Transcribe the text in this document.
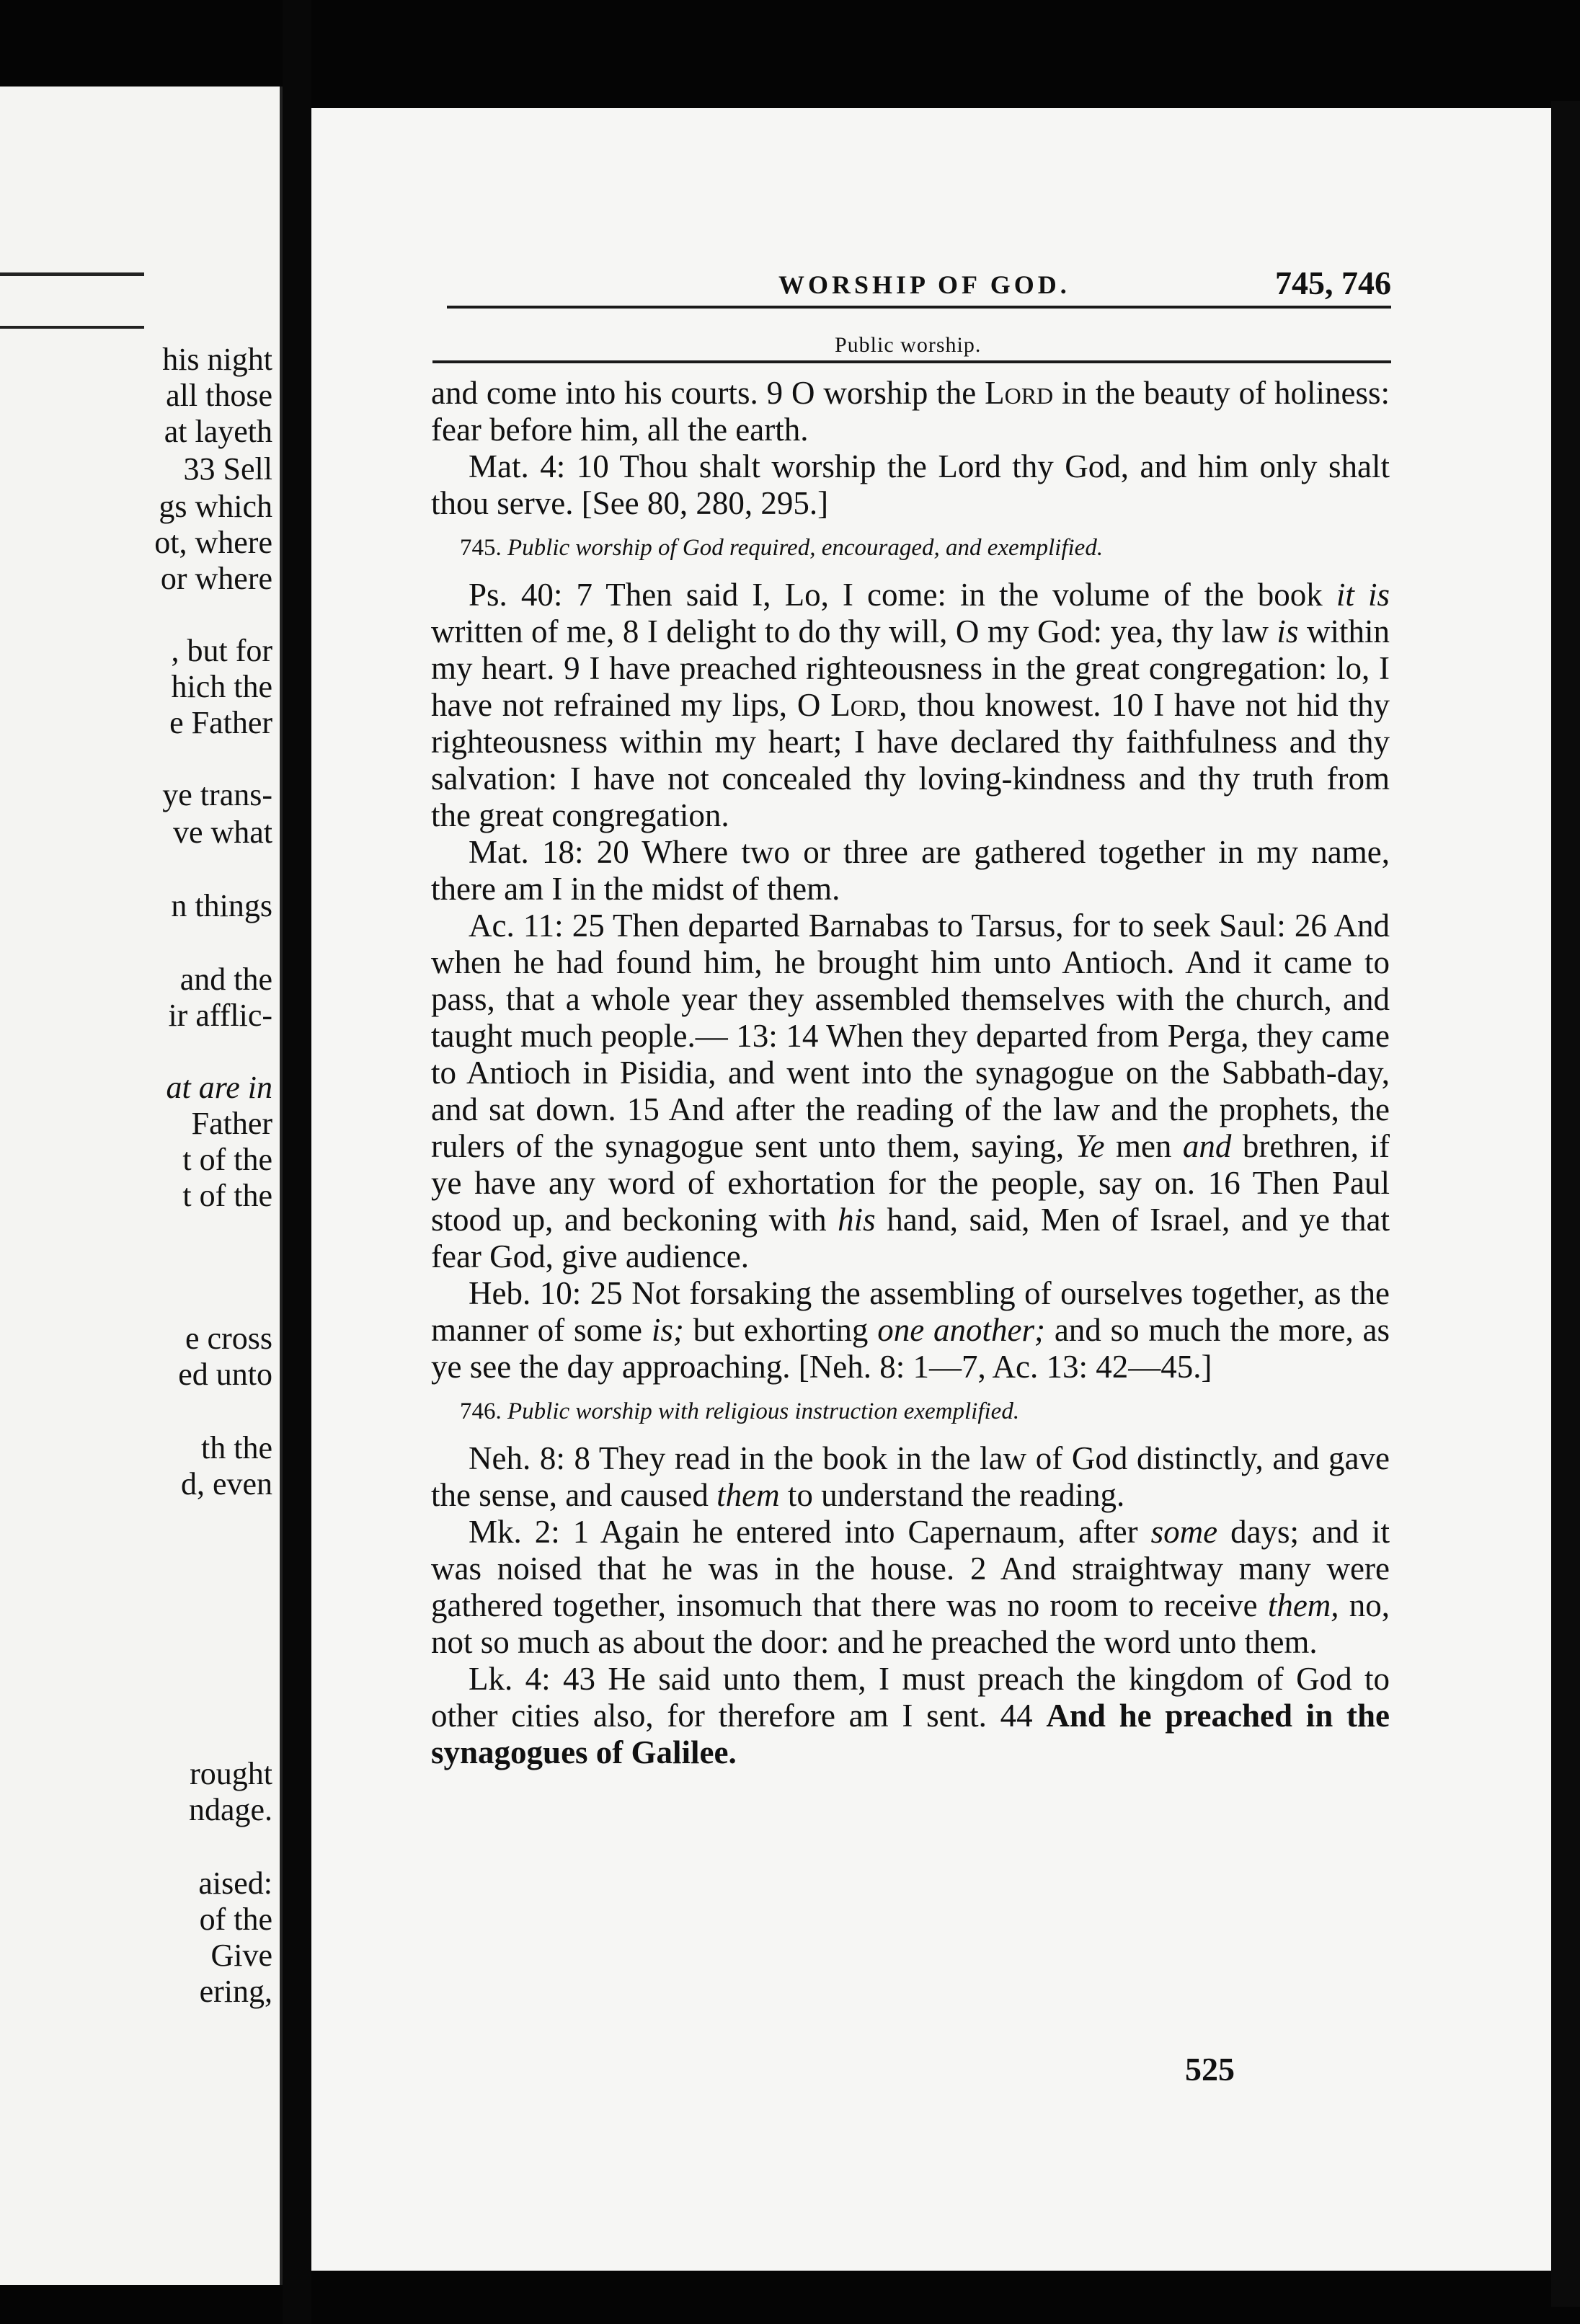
his night
all those
at layeth
33 Sell
gs which
ot, where
or where
, but for
hich the
e Father
ye trans-
ve what
n things
and the
ir afflic-
at are in
Father
t of the
t of the
e cross
ed unto
th the
d, even
rought
ndage.
aised:
of the
Give
ering,
WORSHIP OF GOD.	745, 746
Public worship.

and come into his courts. 9 O worship the Lord in the beauty of holiness: fear before him, all the earth.

Mat. 4: 10 Thou shalt worship the Lord thy God, and him only shalt thou serve. [See 80, 280, 295.]

745. Public worship of God required, encouraged, and exemplified.

Ps. 40: 7 Then said I, Lo, I come: in the volume of the book it is written of me, 8 I delight to do thy will, O my God: yea, thy law is within my heart. 9 I have preached righteousness in the great congregation: lo, I have not refrained my lips, O Lord, thou knowest. 10 I have not hid thy righteousness within my heart; I have declared thy faithfulness and thy salvation: I have not concealed thy loving-kindness and thy truth from the great congregation.

Mat. 18: 20 Where two or three are gathered together in my name, there am I in the midst of them.

Ac. 11: 25 Then departed Barnabas to Tarsus, for to seek Saul: 26 And when he had found him, he brought him unto Antioch. And it came to pass, that a whole year they assembled themselves with the church, and taught much people.— 13: 14 When they departed from Perga, they came to Antioch in Pisidia, and went into the synagogue on the Sabbath-day, and sat down. 15 And after the reading of the law and the prophets, the rulers of the synagogue sent unto them, saying, Ye men and brethren, if ye have any word of exhortation for the people, say on. 16 Then Paul stood up, and beckoning with his hand, said, Men of Israel, and ye that fear God, give audience.

Heb. 10: 25 Not forsaking the assembling of ourselves together, as the manner of some is; but exhorting one another; and so much the more, as ye see the day approaching. [Neh. 8: 1—7, Ac. 13: 42—45.]

746. Public worship with religious instruction exemplified.

Neh. 8: 8 They read in the book in the law of God distinctly, and gave the sense, and caused them to understand the reading.

Mk. 2: 1 Again he entered into Capernaum, after some days; and it was noised that he was in the house. 2 And straightway many were gathered together, insomuch that there was no room to receive them, no, not so much as about the door: and he preached the word unto them.

Lk. 4: 43 He said unto them, I must preach the kingdom of God to other cities also, for therefore am I sent. 44 And he preached in the synagogues of Galilee.

525
